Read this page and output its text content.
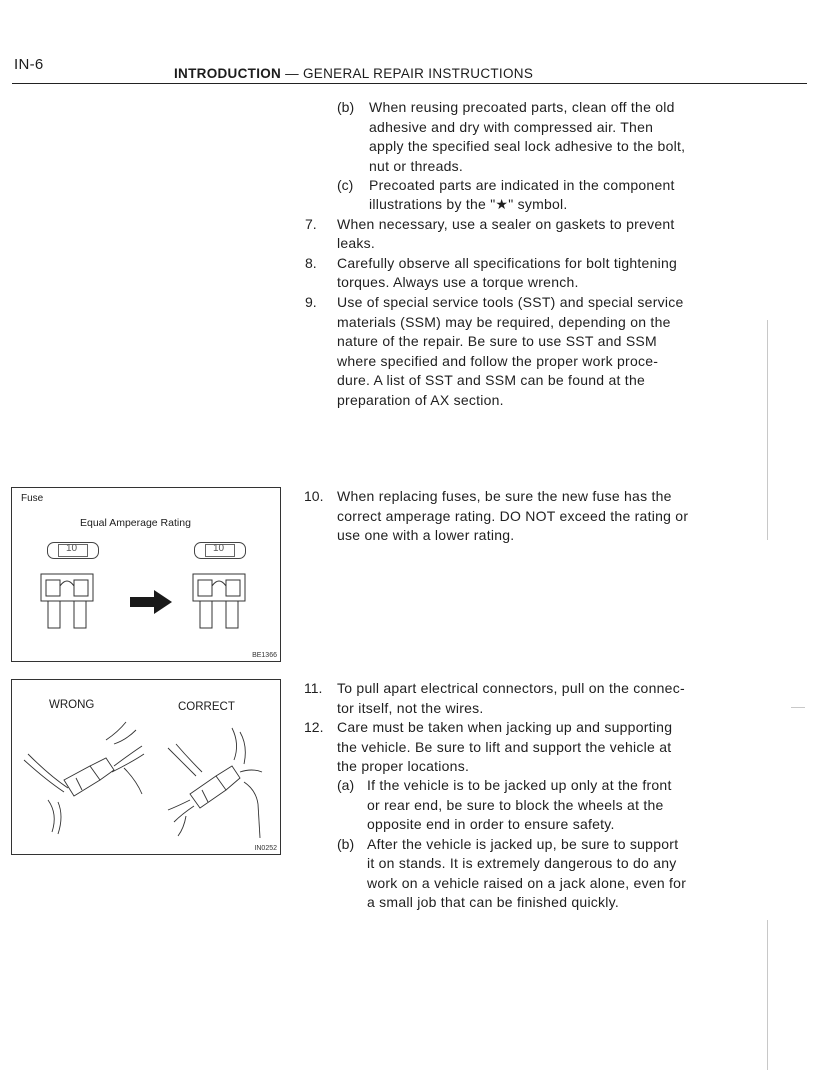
IN-6
INTRODUCTION — GENERAL REPAIR INSTRUCTIONS
(b) When reusing precoated parts, clean off the old
adhesive and dry with compressed air. Then
apply the specified seal lock adhesive to the bolt,
nut or threads.
(c) Precoated parts are indicated in the component
illustrations by the "★" symbol.
7. When necessary, use a sealer on gaskets to prevent
leaks.
8. Carefully observe all specifications for bolt tightening
torques. Always use a torque wrench.
9. Use of special service tools (SST) and special service
materials (SSM) may be required, depending on the
nature of the repair. Be sure to use SST and SSM
where specified and follow the proper work proce-
dure. A list of SST and SSM can be found at the
preparation of AX section.
10. When replacing fuses, be sure the new fuse has the
correct amperage rating. DO NOT exceed the rating or
use one with a lower rating.
11. To pull apart electrical connectors, pull on the connec-
tor itself, not the wires.
12. Care must be taken when jacking up and supporting
the vehicle. Be sure to lift and support the vehicle at
the proper locations.
(a) If the vehicle is to be jacked up only at the front
or rear end, be sure to block the wheels at the
opposite end in order to ensure safety.
(b) After the vehicle is jacked up, be sure to support
it on stands. It is extremely dangerous to do any
work on a vehicle raised on a jack alone, even for
a small job that can be finished quickly.
Fuse
Equal Amperage Rating
10	10
BE1366
WRONG	CORRECT
IN0252
